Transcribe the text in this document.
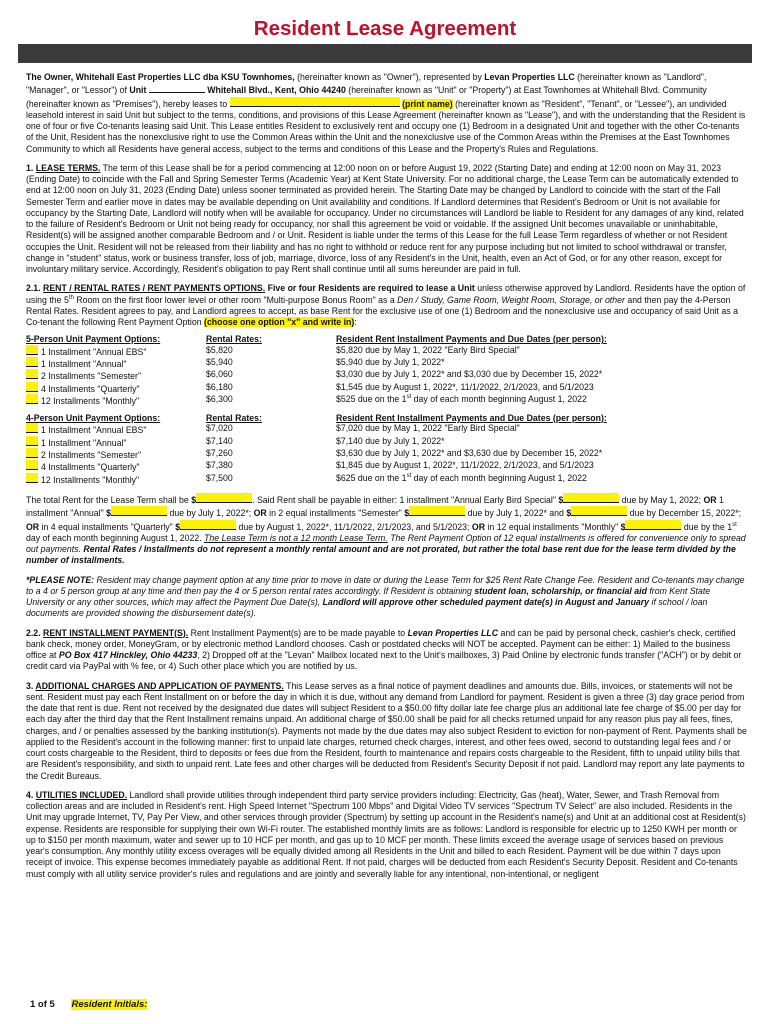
Resident Lease Agreement

The Owner, Whitehall East Properties LLC dba KSU Townhomes, (hereinafter known as "Owner"), represented by Levan Properties LLC (hereinafter known as "Landlord", "Manager", or "Lessor") of Unit	Whitehall Blvd., Kent, Ohio 44240 (hereinafter known as "Unit" or "Property") at East Townhomes at Whitehall Blvd. Community (hereinafter known as "Premises"), hereby leases to	(print name) (hereinafter known as "Resident", "Tenant", or "Lessee"), an undivided leasehold interest in said Unit but subject to the terms, conditions, and provisions of this Lease Agreement (hereinafter known as "Lease"), and with the understanding that the Resident is one of four or five Co-tenants leasing said Unit. This Lease entitles Resident to exclusively rent and occupy one (1) Bedroom in a designated Unit and together with the other Co-tenants of the Unit, Resident has the nonexclusive right to use the Common Areas within the Unit and the nonexclusive use of the Common Areas within the Premises at the East Townhomes Community to which all Residents have general access, subject to the terms and conditions of this Lease and the Property's Rules and Regulations.

1. LEASE TERMS. The term of this Lease shall be for a period commencing at 12:00 noon on or before August 19, 2022 (Starting Date) and ending at 12:00 noon on May 31, 2023 (Ending Date) to coincide with the Fall and Spring Semester Terms (Academic Year) at Kent State University. For no additional charge, the Lease Term can be automatically extended to end at 12:00 noon on July 31, 2023 (Ending Date) unless sooner terminated as provided herein. The Starting Date may be changed by Landlord to coincide with the start of the Fall Semester Term and earlier move in dates may be available depending on Unit availability and conditions. If Landlord determines that Resident's Bedroom or Unit is not available for occupancy by the Starting Date, Landlord will notify when will be available for occupancy. Under no circumstances will Landlord be liable to Resident for any damages of any kind, related to the failure of Resident's Bedroom or Unit not being ready for occupancy, nor shall this agreement be void or voidable. If the assigned Unit becomes unavailable or uninhabitable, Resident(s) will be assigned another comparable Bedroom and / or Unit. Resident is liable under the terms of this Lease for the full Lease Term regardless of whether or not Resident occupies the Unit. Resident will not be released from their liability and has no right to withhold or reduce rent for any purpose including but not limited to school withdrawal or transfer, change in "student" status, work or business transfer, loss of job, marriage, divorce, loss of any Resident's in the Unit, health, even an Act of God, or for any other reason, except for involuntary military service. Accordingly, Resident's obligation to pay Rent shall continue until all sums hereunder are paid in full.

2.1. RENT / RENTAL RATES / RENT PAYMENTS OPTIONS. Five or four Residents are required to lease a Unit unless otherwise approved by Landlord. Residents have the option of using the 5th Room on the first floor lower level or other room "Multi-purpose Bonus Room" as a Den / Study, Game Room, Weight Room, Storage, or other and then pay the 4-Person Rental Rates. Resident agrees to pay, and Landlord agrees to accept, as base Rent for the exclusive use of one (1) Bedroom and the nonexclusive use and occupancy of said Unit as a Co-tenant the following Rent Payment Option (choose one option "x" and write in):

5-Person Unit Payment Options:	Rental Rates:	Resident Rent Installment Payments and Due Dates (per person):
1 Installment "Annual EBS"	$5,820	$5,820 due by May 1, 2022 "Early Bird Special"
1 Installment "Annual"	$5,940	$5,940 due by July 1, 2022*
2 Installments "Semester"	$6,060	$3,030 due by July 1, 2022* and $3,030 due by December 15, 2022*
4 Installments "Quarterly"	$6,180	$1,545 due by August 1, 2022*, 11/1/2022, 2/1/2023, and 5/1/2023
12 Installments "Monthly"	$6,300	$525 due on the 1st day of each month beginning August 1, 2022
4-Person Unit Payment Options:	Rental Rates:	Resident Rent Installment Payments and Due Dates (per person):
1 Installment "Annual EBS"	$7,020	$7,020 due by May 1, 2022 "Early Bird Special"
1 Installment "Annual"	$7,140	$7,140 due by July 1, 2022*
2 Installments "Semester"	$7,260	$3,630 due by July 1, 2022* and $3,630 due by December 15, 2022*
4 Installments "Quarterly"	$7,380	$1,845 due by August 1, 2022*, 11/1/2022, 2/1/2023, and 5/1/2023
12 Installments "Monthly"	$7,500	$625 due on the 1st day of each month beginning August 1, 2022

The total Rent for the Lease Term shall be $	. Said Rent shall be payable in either: 1 installment "Annual Early Bird Special" $	due by May 1, 2022; OR 1 installment "Annual" $	due by July 1, 2022*; OR in 2 equal installments "Semester" $	due by July 1, 2022* and $	due by December 15, 2022*; OR in 4 equal installments "Quarterly" $	due by August 1, 2022*, 11/1/2022, 2/1/2023, and 5/1/2023; OR in 12 equal installments "Monthly" $	due by the 1st day of each month beginning August 1, 2022. The Lease Term is not a 12 month Lease Term. The Rent Payment Option of 12 equal installments is offered for convenience only to spread out payments. Rental Rates / Installments do not represent a monthly rental amount and are not prorated, but rather the total base rent due for the lease term divided by the number of installments.

*PLEASE NOTE: Resident may change payment option at any time prior to move in date or during the Lease Term for $25 Rent Rate Change Fee. Resident and Co-tenants may change to a 4 or 5 person group at any time and then pay the 4 or 5 person rental rates accordingly. If Resident is obtaining student loan, scholarship, or financial aid from Kent State University or any other sources, which may affect the Payment Due Date(s), Landlord will approve other scheduled payment date(s) in August and January if school / loan documents are provided showing the disbursement date(s).

2.2. RENT INSTALLMENT PAYMENT(S). Rent Installment Payment(s) are to be made payable to Levan Properties LLC and can be paid by personal check, cashier's check, certified bank check, money order, MoneyGram, or by electronic method Landlord chooses. Cash or postdated checks will NOT be accepted. Payment can be either: 1) Mailed to the business office at PO Box 417 Hinckley, Ohio 44233, 2) Dropped off at the "Levan" Mailbox located next to the Unit's mailboxes, 3) Paid Online by electronic funds transfer ("ACH") or by debit or credit card via PayPal with % fee, or 4) Such other place which you are notified by us.

3. ADDITIONAL CHARGES AND APPLICATION OF PAYMENTS. This Lease serves as a final notice of payment deadlines and amounts due. Bills, invoices, or statements will not be sent. Resident must pay each Rent Installment on or before the day in which it is due, without any demand from Landlord for payment. Resident is given a three (3) day grace period from the date that rent is due. Rent not received by the designated due dates will subject Resident to a $50.00 fifty dollar late fee charge plus an additional late fee charge of $5.00 per day for each day after the third day that the Rent Installment remains unpaid. An additional charge of $50.00 shall be paid for all checks returned unpaid for any reason plus pay all fees, fines, charges, and / or penalties assessed by the banking institution(s). Payments not made by the due dates may also subject Resident to eviction for non-payment of Rent. Payments shall be applied to the Resident's account in the following manner: first to unpaid late charges, returned check charges, interest, and other fees owed, second to outstanding legal fees and / or court costs chargeable to the Resident, third to deposits or fees due from the Resident, fourth to maintenance and repairs costs chargeable to the Resident, fifth to unpaid utility bills that are Resident's responsibility, and sixth to unpaid rent. Late fees and other charges will be deducted from Resident's Security Deposit if not paid. Landlord may report any late payments to the Credit Bureaus.

4. UTILITIES INCLUDED. Landlord shall provide utilities through independent third party service providers including: Electricity, Gas (heat), Water, Sewer, and Trash Removal from collection areas and are included in Resident's rent. High Speed Internet "Spectrum 100 Mbps" and Digital Video TV services "Spectrum TV Select" are also included. Residents in the Unit may upgrade Internet, TV, Pay Per View, and other services through provider (Spectrum) by setting up account in the Resident's name(s) and Unit at an additional cost at Resident(s) expense. Residents are responsible for supplying their own Wi-Fi router. The established monthly limits are as follows: Landlord is responsible for electric up to 1250 KWH per month or up to $150 per month maximum, water and sewer up to 10 HCF per month, and gas up to 10 MCF per month. These limits exceed the average usage of services based on previous year's consumption. Any monthly utility excess overages will be equally divided among all Residents in the Unit and billed to each Resident. Payment will be due within 7 days upon receipt of invoice. This expense becomes immediately payable as additional Rent. If not paid, charges will be deducted from each Resident's Security Deposit. Resident and Co-tenants must comply with all utility service provider's rules and regulations and are jointly and severally liable for any intentional, non-intentional, or negligent

1 of 5 Resident Initials:
